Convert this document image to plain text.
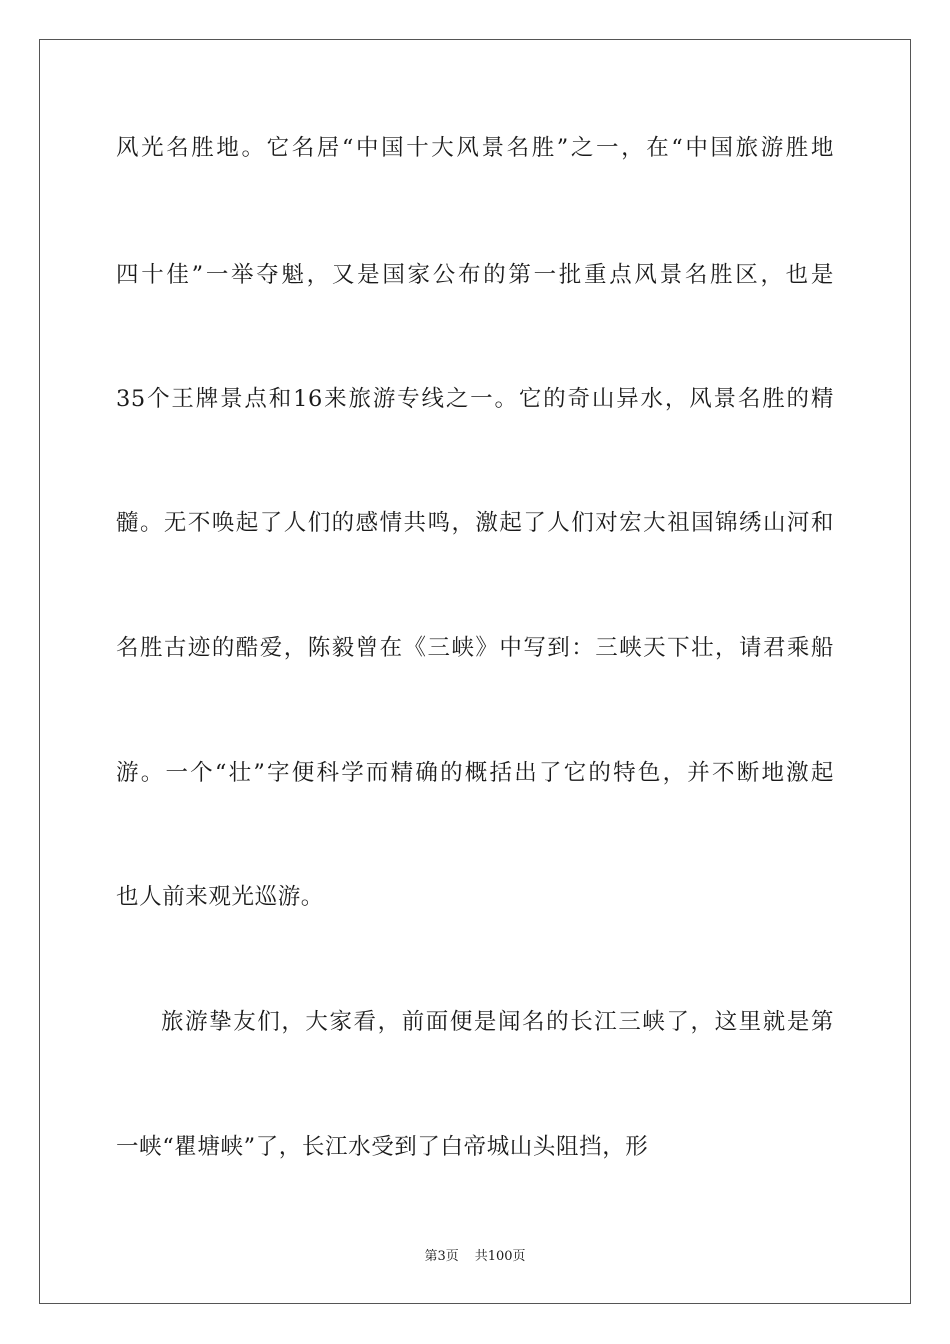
风光名胜地。它名居“中国十大风景名胜”之一，在“中国旅游胜地
四十佳”一举夺魁，又是国家公布的第一批重点风景名胜区，也是
35个王牌景点和16来旅游专线之一。它的奇山异水，风景名胜的精
髓。无不唤起了人们的感情共鸣，激起了人们对宏大祖国锦绣山河和
名胜古迹的酷爱，陈毅曾在《三峡》中写到：三峡天下壮，请君乘船
游。一个“壮”字便科学而精确的概括出了它的特色，并不断地激起
也人前来观光巡游。
旅游挚友们，大家看，前面便是闻名的长江三峡了，这里就是第
一峡“瞿塘峡”了，长江水受到了白帝城山头阻挡，形
第3页 共100页
